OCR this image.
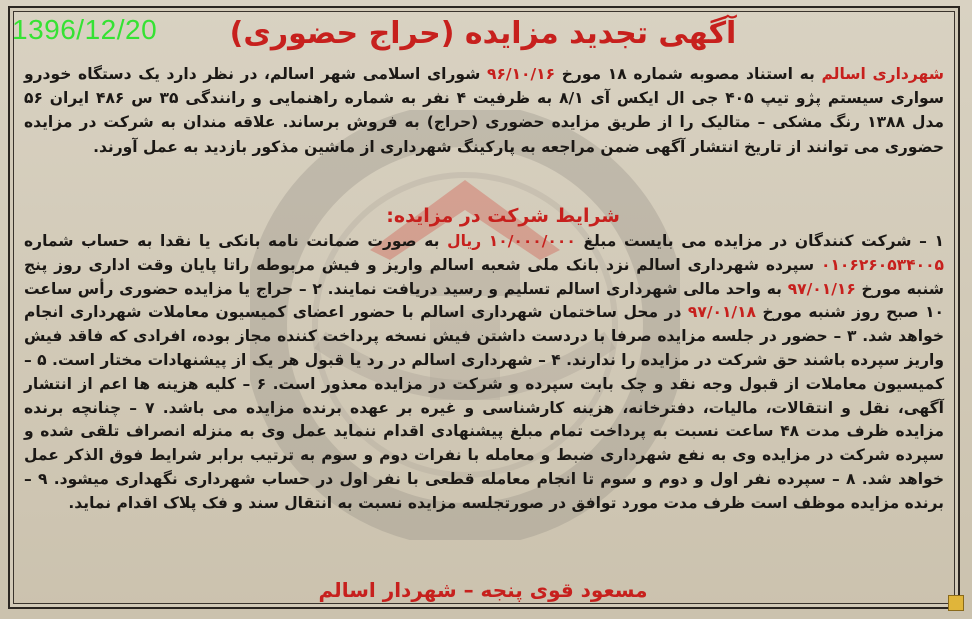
1396/12/20	آگهی تجدید مزایده (حراج حضوری)
شهرداری اسالم به استناد مصوبه شماره ۱۸ مورخ ۹۶/۱۰/۱۶ شورای اسلامی شهر اسالم، در نظر دارد یک دستگاه خودرو سواری سیستم پژو تیپ ۴۰۵ جی ال ایکس آی ۸/۱ به ظرفیت ۴ نفر به شماره راهنمایی و رانندگی ۳۵ س ۴۸۶ ایران ۵۶ مدل ۱۳۸۸ رنگ مشکی – متالیک را از طریق مزایده حضوری (حراج) به فروش برساند. علاقه مندان به شرکت در مزایده حضوری می توانند از تاریخ انتشار آگهی ضمن مراجعه به پارکینگ شهرداری از ماشین مذکور بازدید به عمل آورند.
شرایط شرکت در مزایده:
۱ – شرکت کنندگان در مزایده می بایست مبلغ ۱۰/۰۰۰/۰۰۰ ریال به صورت ضمانت نامه بانکی یا نقدا به حساب شماره ۰۱۰۶۲۶۰۵۳۴۰۰۵ سپرده شهرداری اسالم نزد بانک ملی شعبه اسالم واریز و فیش مربوطه راتا پایان وقت اداری روز پنج شنبه مورخ ۹۷/۰۱/۱۶ به واحد مالی شهرداری اسالم تسلیم و رسید دریافت نمایند. ۲ – حراج یا مزایده حضوری رأس ساعت ۱۰ صبح روز شنبه مورخ ۹۷/۰۱/۱۸ در محل ساختمان شهرداری اسالم با حضور اعضای کمیسیون معاملات شهرداری انجام خواهد شد. ۳ – حضور در جلسه مزایده صرفا با دردست داشتن فیش نسخه پرداخت کننده مجاز بوده، افرادی که فاقد فیش واریز سپرده باشند حق شرکت در مزایده را ندارند. ۴ – شهرداری اسالم در رد یا قبول هر یک از پیشنهادات مختار است. ۵ – کمیسیون معاملات از قبول وجه نقد و چک بابت سپرده و شرکت در مزایده معذور است. ۶ – کلیه هزینه ها اعم از انتشار آگهی، نقل و انتقالات، مالیات، دفترخانه، هزینه کارشناسی و غیره بر عهده برنده مزایده می باشد. ۷ – چنانچه برنده مزایده ظرف مدت ۴۸ ساعت نسبت به پرداخت تمام مبلغ پیشنهادی اقدام ننماید عمل وی به منزله انصراف تلقی شده و سپرده شرکت در مزایده وی به نفع شهرداری ضبط و معامله با نفرات دوم و سوم به ترتیب برابر شرایط فوق الذکر عمل خواهد شد. ۸ – سپرده نفر اول و دوم و سوم تا انجام معامله قطعی با نفر اول در حساب شهرداری نگهداری میشود. ۹ – برنده مزایده موظف است ظرف مدت مورد توافق در صورتجلسه مزایده نسبت به انتقال سند و فک پلاک اقدام نماید.
مسعود قوی پنجه – شهردار اسالم
